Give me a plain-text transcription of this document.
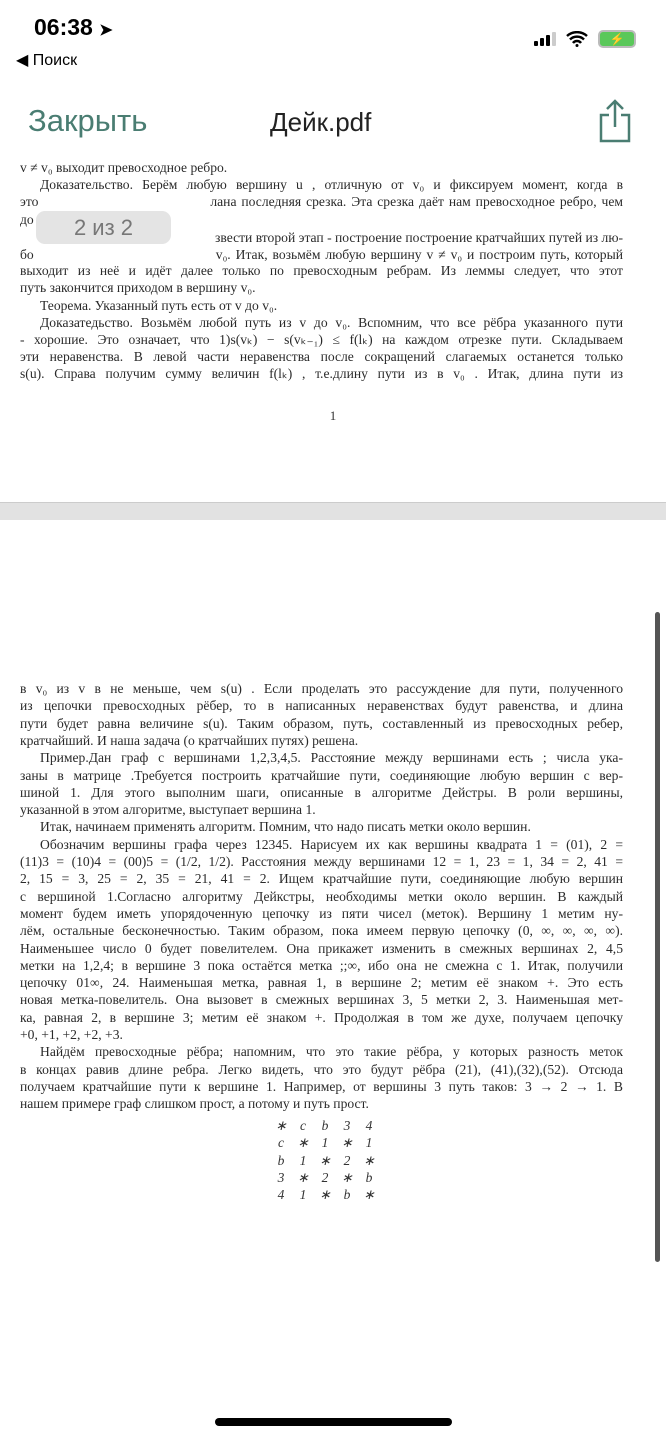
06:38 ➤
◀ Поиск
⚡
Закрыть	Дейк.pdf
v ≠ v₀ выходит превосходное ребро.
Доказательство. Берём любую вершину u , отличную от v₀ и фиксируем момент, когда в
это                                   лана последняя срезка. Эта срезка даёт нам превосходное ребро, чем
до
звести второй этап - построение построение кратчайших путей из лю-
бо                                     v₀. Итак, возьмём любую вершину v ≠ v₀ и построим путь, который
выходит из неё и идёт далее только по превосходным ребрам. Из леммы следует, что этот
путь закончится приходом в вершину v₀.
Теорема. Указанный путь есть от v до v₀.
Доказатедьство. Возьмём любой путь из v до v₀. Вспомним, что все рёбра указанного пути
- хорошие. Это означает, что 1)s(vₖ) − s(vₖ₋₁) ≤ f(lₖ) на каждом отрезке пути. Складываем
эти неравенства. В левой части неравенства после сокращений слагаемых останется только
s(u). Справа получим сумму величин f(lₖ) , т.е.длину пути из в v₀ . Итак, длина пути из
1
2 из 2
в v₀ из v в не меньше, чем s(u) . Если проделать это рассуждение для пути, полученного
из цепочки превосходных рёбер, то в написанных неравенствах будут равенства, и длина
пути будет равна величине s(u). Таким образом, путь, составленный из превосходных ребер,
кратчайший. И наша задача (о кратчайших путях) решена.
Пример.Дан граф с вершинами 1,2,3,4,5. Расстояние между вершинами есть ; числа ука-
заны в матрице .Требуется построить кратчайшие пути, соединяющие любую вершин с вер-
шиной 1. Для этого выполним шаги, описанные в алгоритме Дейстры. В роли вершины,
указанной в этом алгоритме, выступает вершина 1.
Итак, начинаем применять алгоритм. Помним, что надо писать метки около вершин.
Обозначим вершины графа через 12345. Нарисуем их как вершины квадрата 1 = (01), 2 =
(11)3 = (10)4 = (00)5 = (1/2, 1/2). Расстояния между вершинами 12 = 1, 23 = 1, 34 = 2, 41 =
2, 15 = 3, 25 = 2, 35 = 21, 41 = 2. Ищем кратчайшие пути, соединяющие любую вершин
с вершиной 1.Согласно алгоритму Дейкстры, необходимы метки около вершин. В каждый
момент будем иметь упорядоченную цепочку из пяти чисел (меток). Вершину 1 метим ну-
лём, остальные бесконечностью. Таким образом, пока имеем первую цепочку (0, ∞, ∞, ∞, ∞).
Наименьшее число 0 будет повелителем. Она прикажет изменить в смежных вершинах 2, 4,5
метки на 1,2,4; в вершине 3 пока остаётся метка ;;∞, ибо она не смежна с 1. Итак, получили
цепочку 01∞, 24. Наименьшая метка, равная 1, в вершине 2; метим её знаком +. Это есть
новая метка-повелитель. Она вызовет в смежных вершинах 3, 5 метки 2, 3. Наименьшая мет-
ка, равная 2, в вершине 3; метим её знаком +. Продолжая в том же духе, получаем цепочку
+0, +1, +2, +2, +3.
Найдём превосходные рёбра; напомним, что это такие рёбра, у которых разность меток
в концах равив длине ребра. Легко видеть, что это будут рёбра (21), (41),(32),(52). Отсюда
получаем кратчайшие пути к вершине 1. Например, от вершины 3 путь таков: 3 → 2 → 1. В
нашем примере граф слишком прост, а потому и путь прост.
∗ c	b	3	4
c ∗ 1 ∗ 1
b	1 ∗ 2 ∗
3 ∗ 2 ∗ b
4	1 ∗ b ∗
